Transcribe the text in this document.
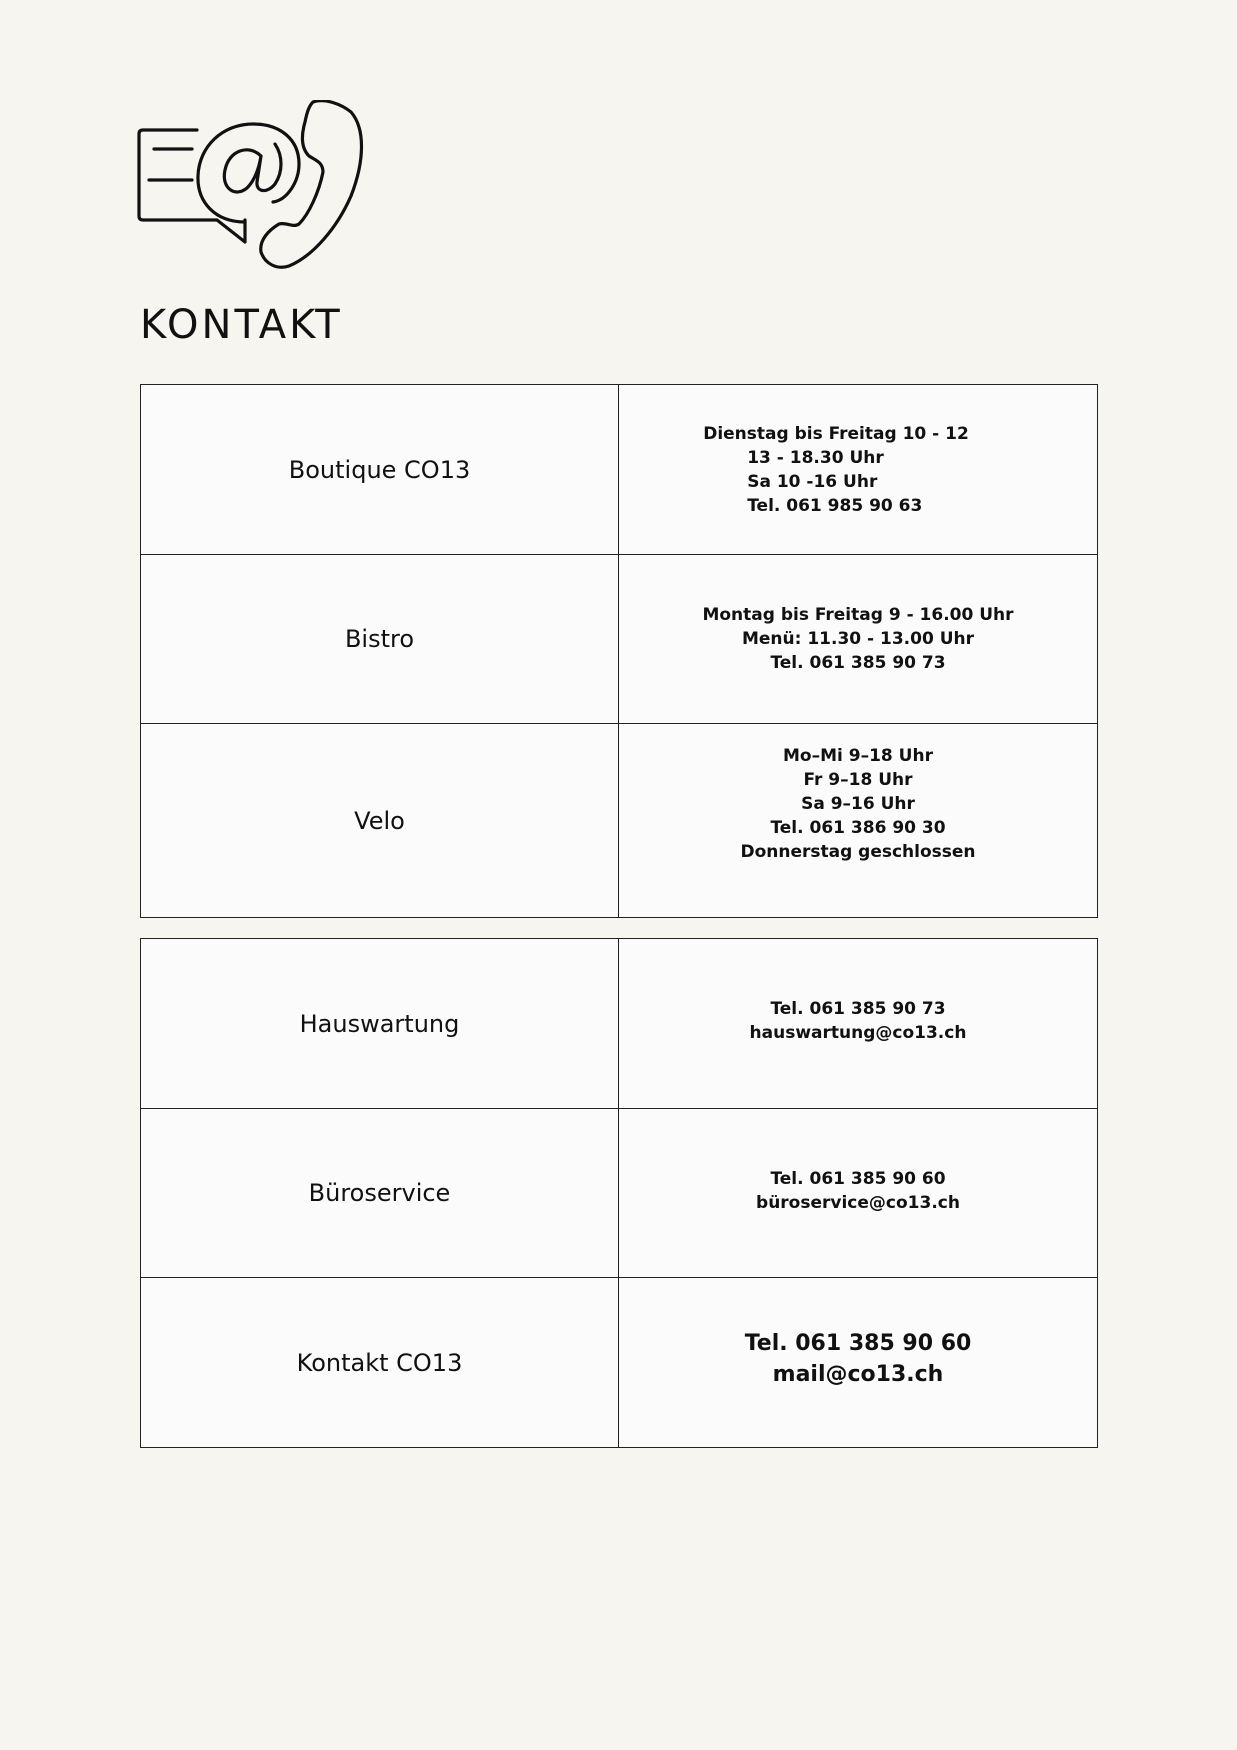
KONTAKT
Boutique CO13	Dienstag bis Freitag 10 - 12
13 - 18.30 Uhr
Sa 10 -16 Uhr
Tel. 061 985 90 63

Bistro	Montag bis Freitag 9 - 16.00 Uhr
Menü: 11.30 - 13.00 Uhr
Tel. 061 385 90 73

Velo	Mo–Mi 9–18 Uhr
Fr 9–18 Uhr
Sa 9–16 Uhr
Tel. 061 386 90 30
Donnerstag geschlossen
Hauswartung	Tel. 061 385 90 73
hauswartung@co13.ch

Büroservice	Tel. 061 385 90 60
büroservice@co13.ch

Kontakt CO13	Tel. 061 385 90 60
mail@co13.ch
